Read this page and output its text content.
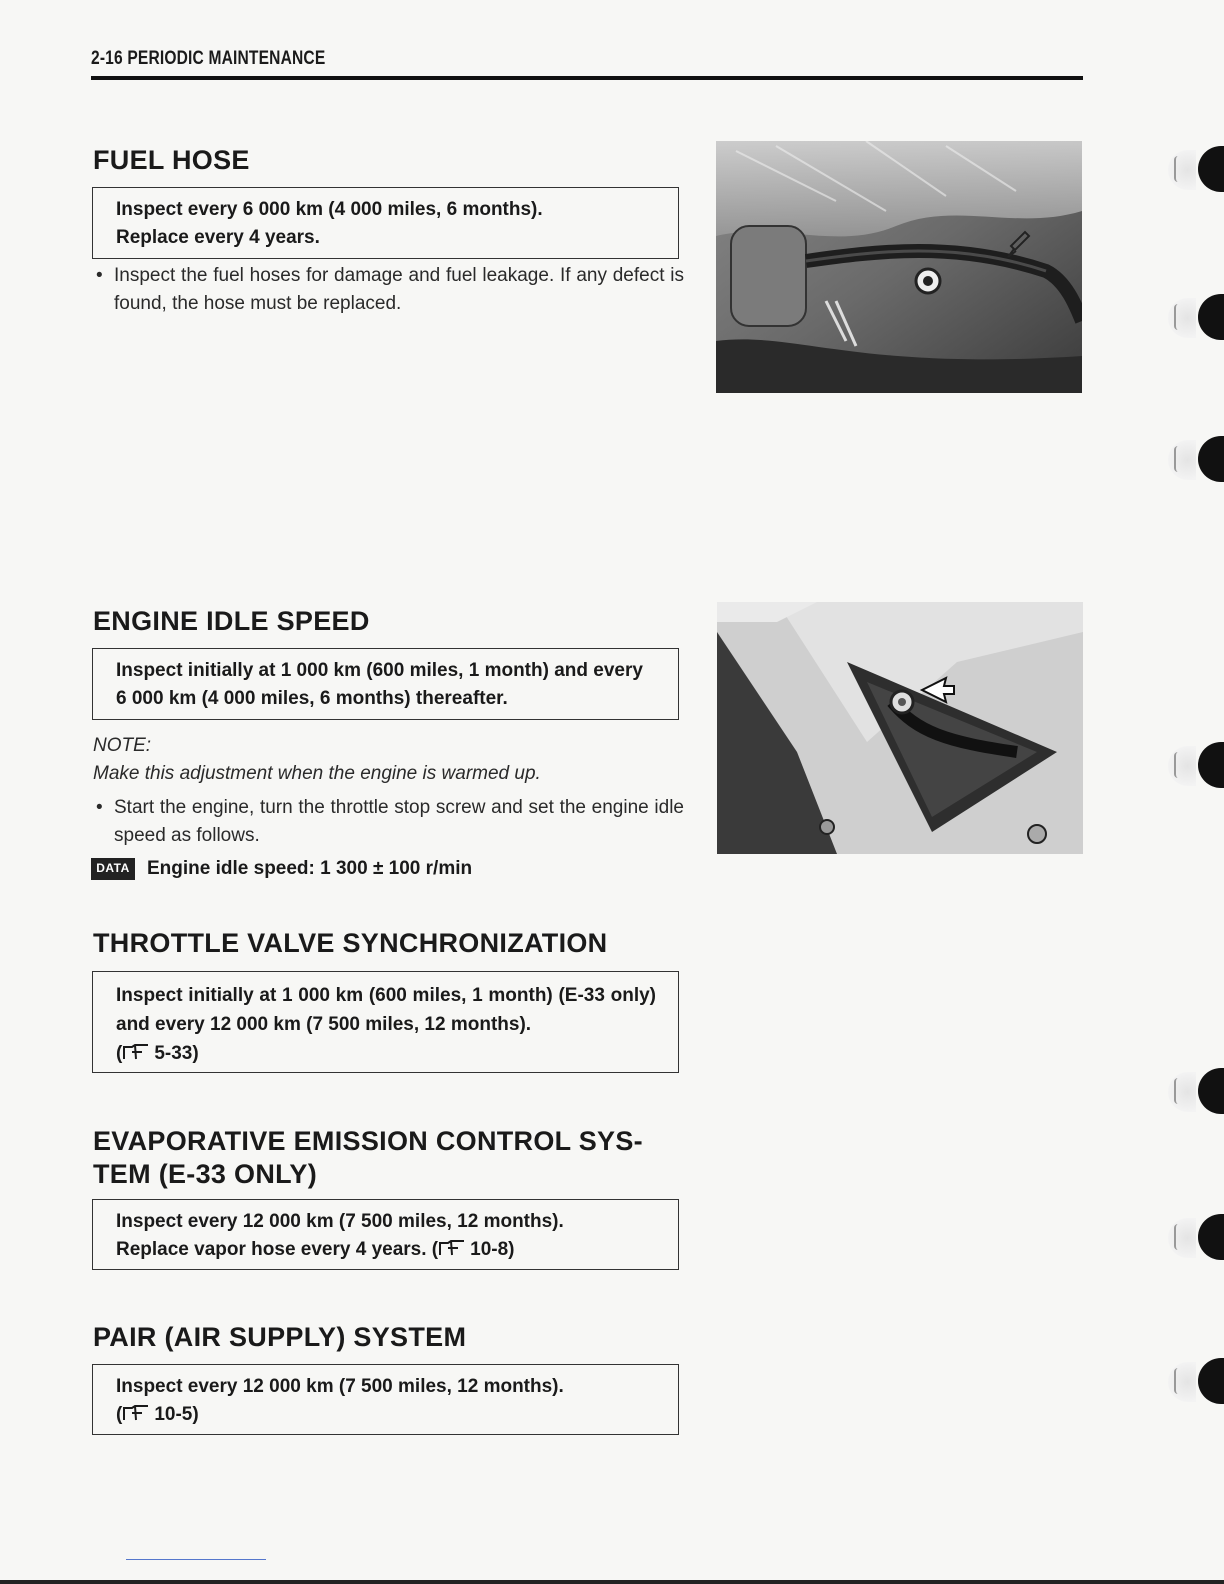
2-16 PERIODIC MAINTENANCE
FUEL HOSE

Inspect every 6 000 km (4 000 miles, 6 months).

Replace every 4 years.

• Inspect the fuel hoses for damage and fuel leakage. If any defect is found, the hose must be replaced.
ENGINE IDLE SPEED

Inspect initially at 1 000 km (600 miles, 1 month) and every 6 000 km (4 000 miles, 6 months) thereafter.

NOTE:
Make this adjustment when the engine is warmed up.
• Start the engine, turn the throttle stop screw and set the engine idle speed as follows.
DATA Engine idle speed: 1 300 ± 100 r/min
THROTTLE VALVE SYNCHRONIZATION

Inspect initially at 1 000 km (600 miles, 1 month) (E-33 only) and every 12 000 km (7 500 miles, 12 months).

( 5-33)

EVAPORATIVE EMISSION CONTROL SYS-
TEM (E-33 ONLY)

Inspect every 12 000 km (7 500 miles, 12 months).

Replace vapor hose every 4 years. ( 10-8)

PAIR (AIR SUPPLY) SYSTEM

Inspect every 12 000 km (7 500 miles, 12 months).

( 10-5)
